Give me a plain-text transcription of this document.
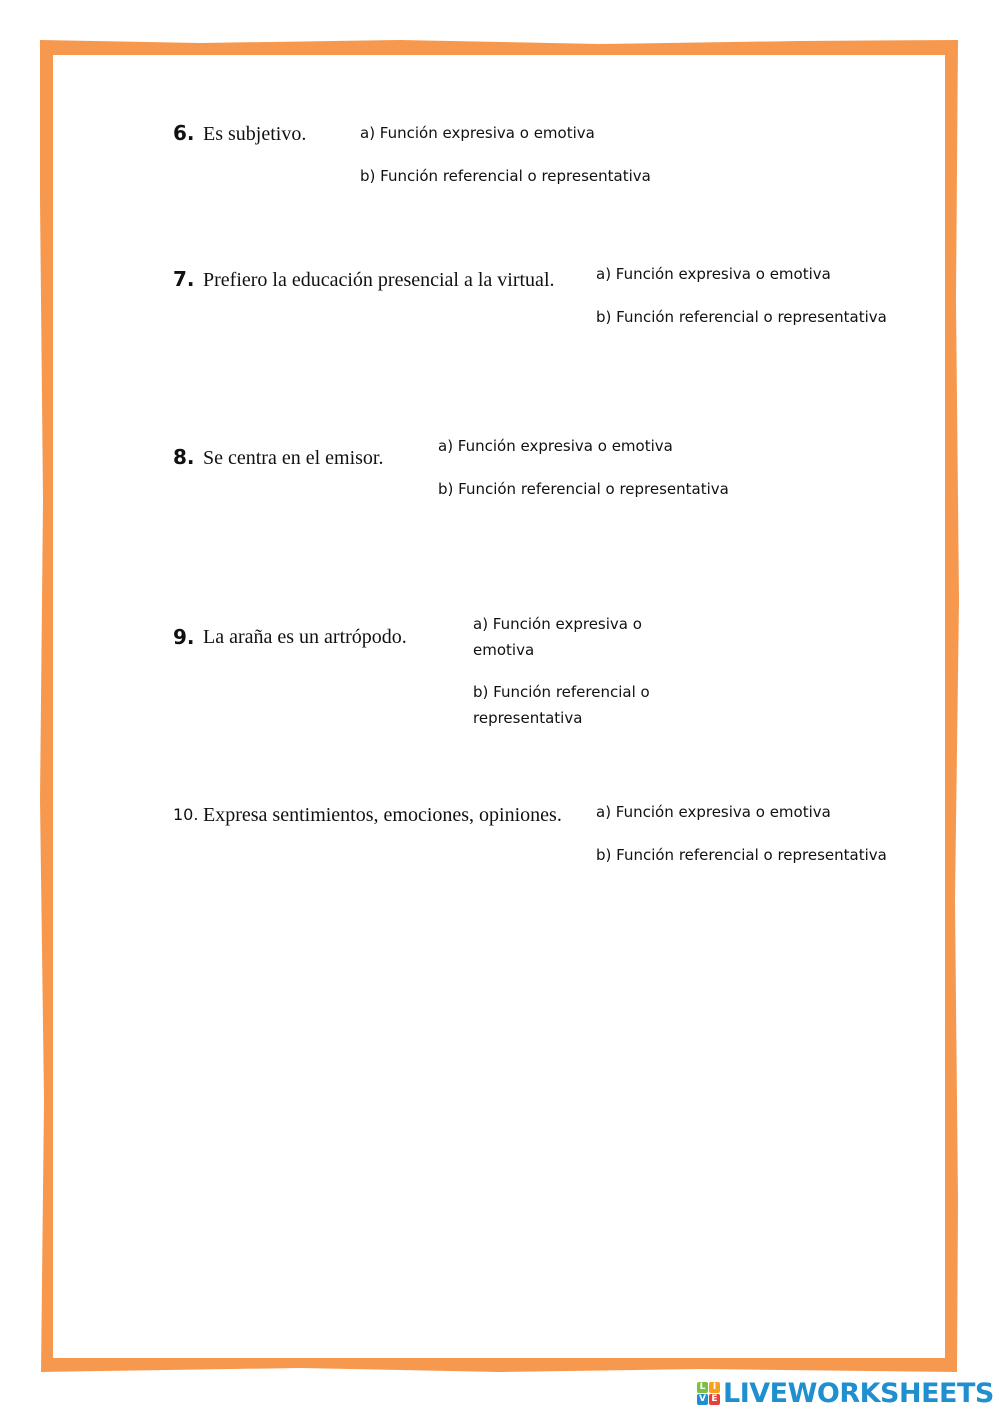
6. Es subjetivo.	a) Función expresiva o emotiva
b) Función referencial o representativa
7. Prefiero la educación presencial a la virtual.	a) Función expresiva o emotiva
b) Función referencial o representativa
8. Se centra en el emisor.
a) Función expresiva o emotiva
b) Función referencial o representativa
9. La araña es un artrópodo.
a) Función expresiva o emotiva
b) Función referencial o representativa
10. Expresa sentimientos, emociones, opiniones. a) Función expresiva o emotiva
b) Función referencial o representativa
L I
V E LIVEWORKSHEETS
